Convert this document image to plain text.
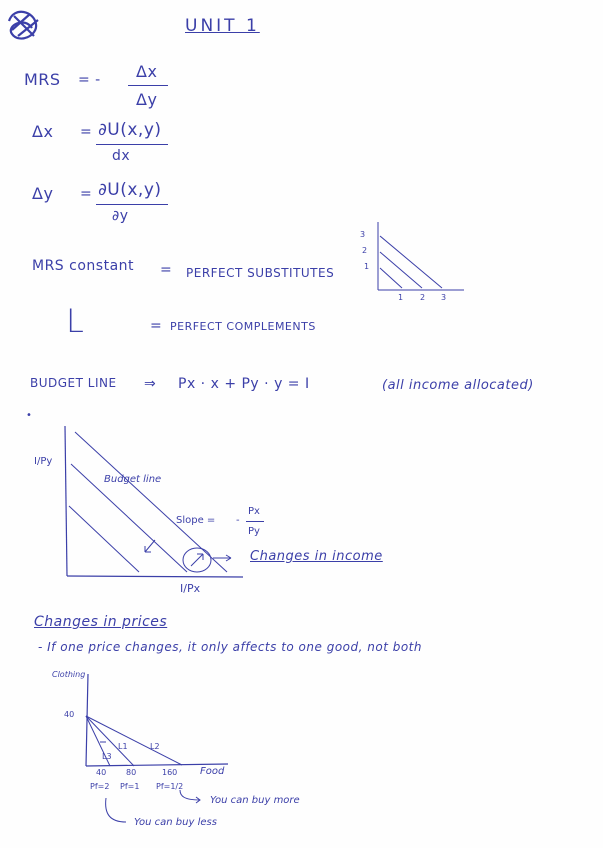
UNIT 1
MRS = - Δx
Δy
Δx = ∂U(x,y)
dx
Δy = ∂U(x,y)
∂y
MRS constant = PERFECT SUBSTITUTES
3
2
1
1 2 3
L	= PERFECT COMPLEMENTS
BUDGET LINE ⇒ Px · x + Py · y = I	(all income allocated)
•
I/Py
I/Px
Budget line
Slope = -
Px
Py
Changes in income
Changes in prices
- If one price changes, it only affects to one good, not both
Clothing
40
L3
L1	L2
40 80	160 Food
Pf=2 Pf=1 Pf=1/2
You can buy more
You can buy less
